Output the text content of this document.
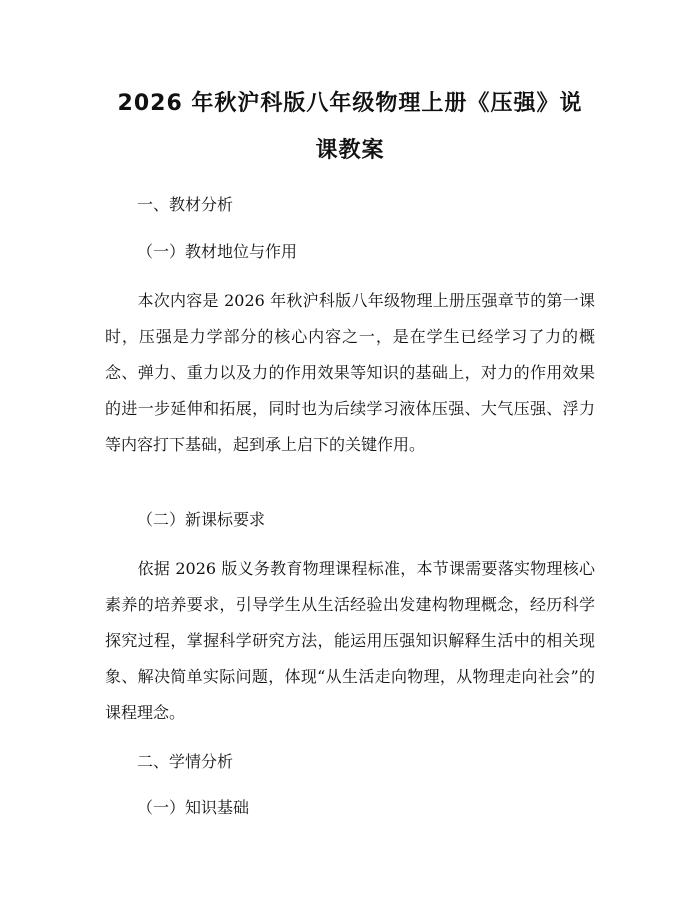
2026 年秋沪科版八年级物理上册《压强》说
课教案
一、教材分析
（一）教材地位与作用

　　本次内容是 2026 年秋沪科版八年级物理上册压强章节的第一课时，压强是力学部分的核心内容之一，是在学生已经学习了力的概念、弹力、重力以及力的作用效果等知识的基础上，对力的作用效果的进一步延伸和拓展，同时也为后续学习液体压强、大气压强、浮力等内容打下基础，起到承上启下的关键作用。

（二）新课标要求

　　依据 2026 版义务教育物理课程标准，本节课需要落实物理核心素养的培养要求，引导学生从生活经验出发建构物理概念，经历科学探究过程，掌握科学研究方法，能运用压强知识解释生活中的相关现象、解决简单实际问题，体现“从生活走向物理，从物理走向社会”的课程理念。

二、学情分析
（一）知识基础
